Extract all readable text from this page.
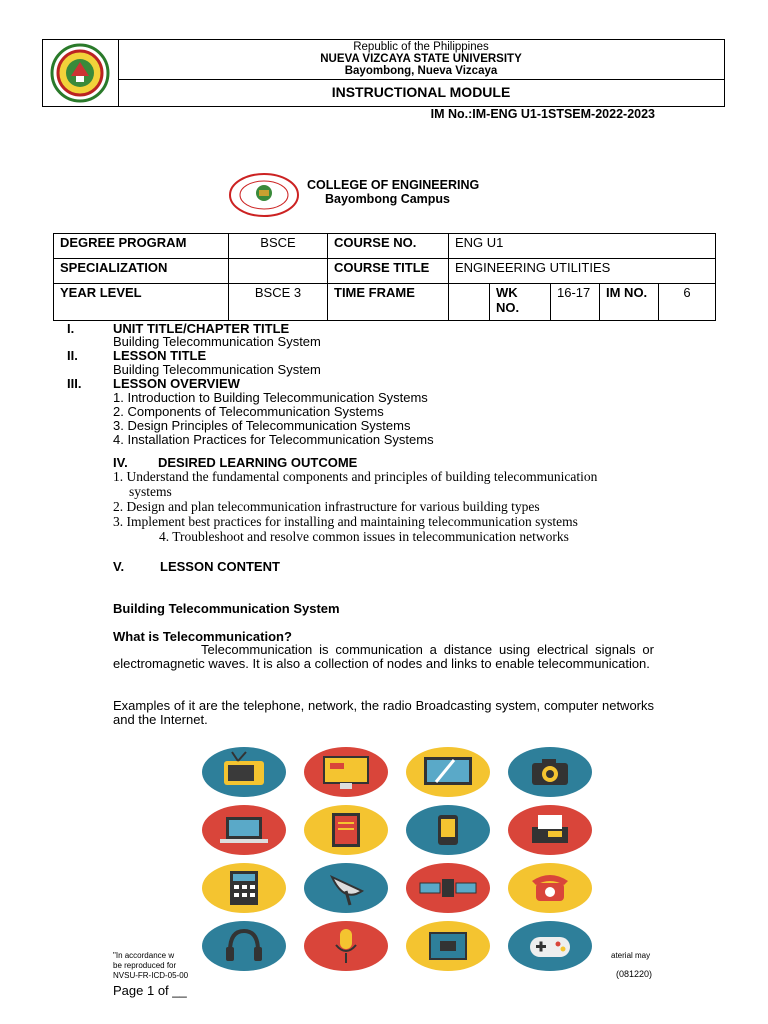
Republic of the Philippines
NUEVA VIZCAYA STATE UNIVERSITY
Bayombong, Nueva Vizcaya
INSTRUCTIONAL MODULE
IM No.:IM-ENG U1-1STSEM-2022-2023
COLLEGE OF ENGINEERING
Bayombong Campus
DEGREE PROGRAM	BSCE	COURSE NO.	ENG U1			
SPECIALIZATION		COURSE TITLE	ENGINEERING UTILITIES			
YEAR LEVEL	BSCE 3	TIME FRAME		WK NO.	16-17	IM NO. 6
I.	UNIT TITLE/CHAPTER TITLE
Building Telecommunication System
II.	LESSON TITLE
Building Telecommunication System
III. LESSON OVERVIEW
1. Introduction to Building Telecommunication Systems
2. Components of Telecommunication Systems
3. Design Principles of Telecommunication Systems
4. Installation Practices for Telecommunication Systems
IV. DESIRED LEARNING OUTCOME
1. Understand the fundamental components and principles of building telecommunication
systems
2. Design and plan telecommunication infrastructure for various building types
3. Implement best practices for installing and maintaining telecommunication systems
4. Troubleshoot and resolve common issues in telecommunication networks
V.	LESSON CONTENT
Building Telecommunication System
What is Telecommunication?
Telecommunication is communication a distance using electrical signals or electromagnetic waves. It is also a collection of nodes and links to enable telecommunication.
Examples of it are the telephone, network, the radio Broadcasting system, computer networks and the Internet.
"In accordance w
be reproduced for
aterial may
NVSU-FR-ICD-05-00	(081220)
Page 1 of __
